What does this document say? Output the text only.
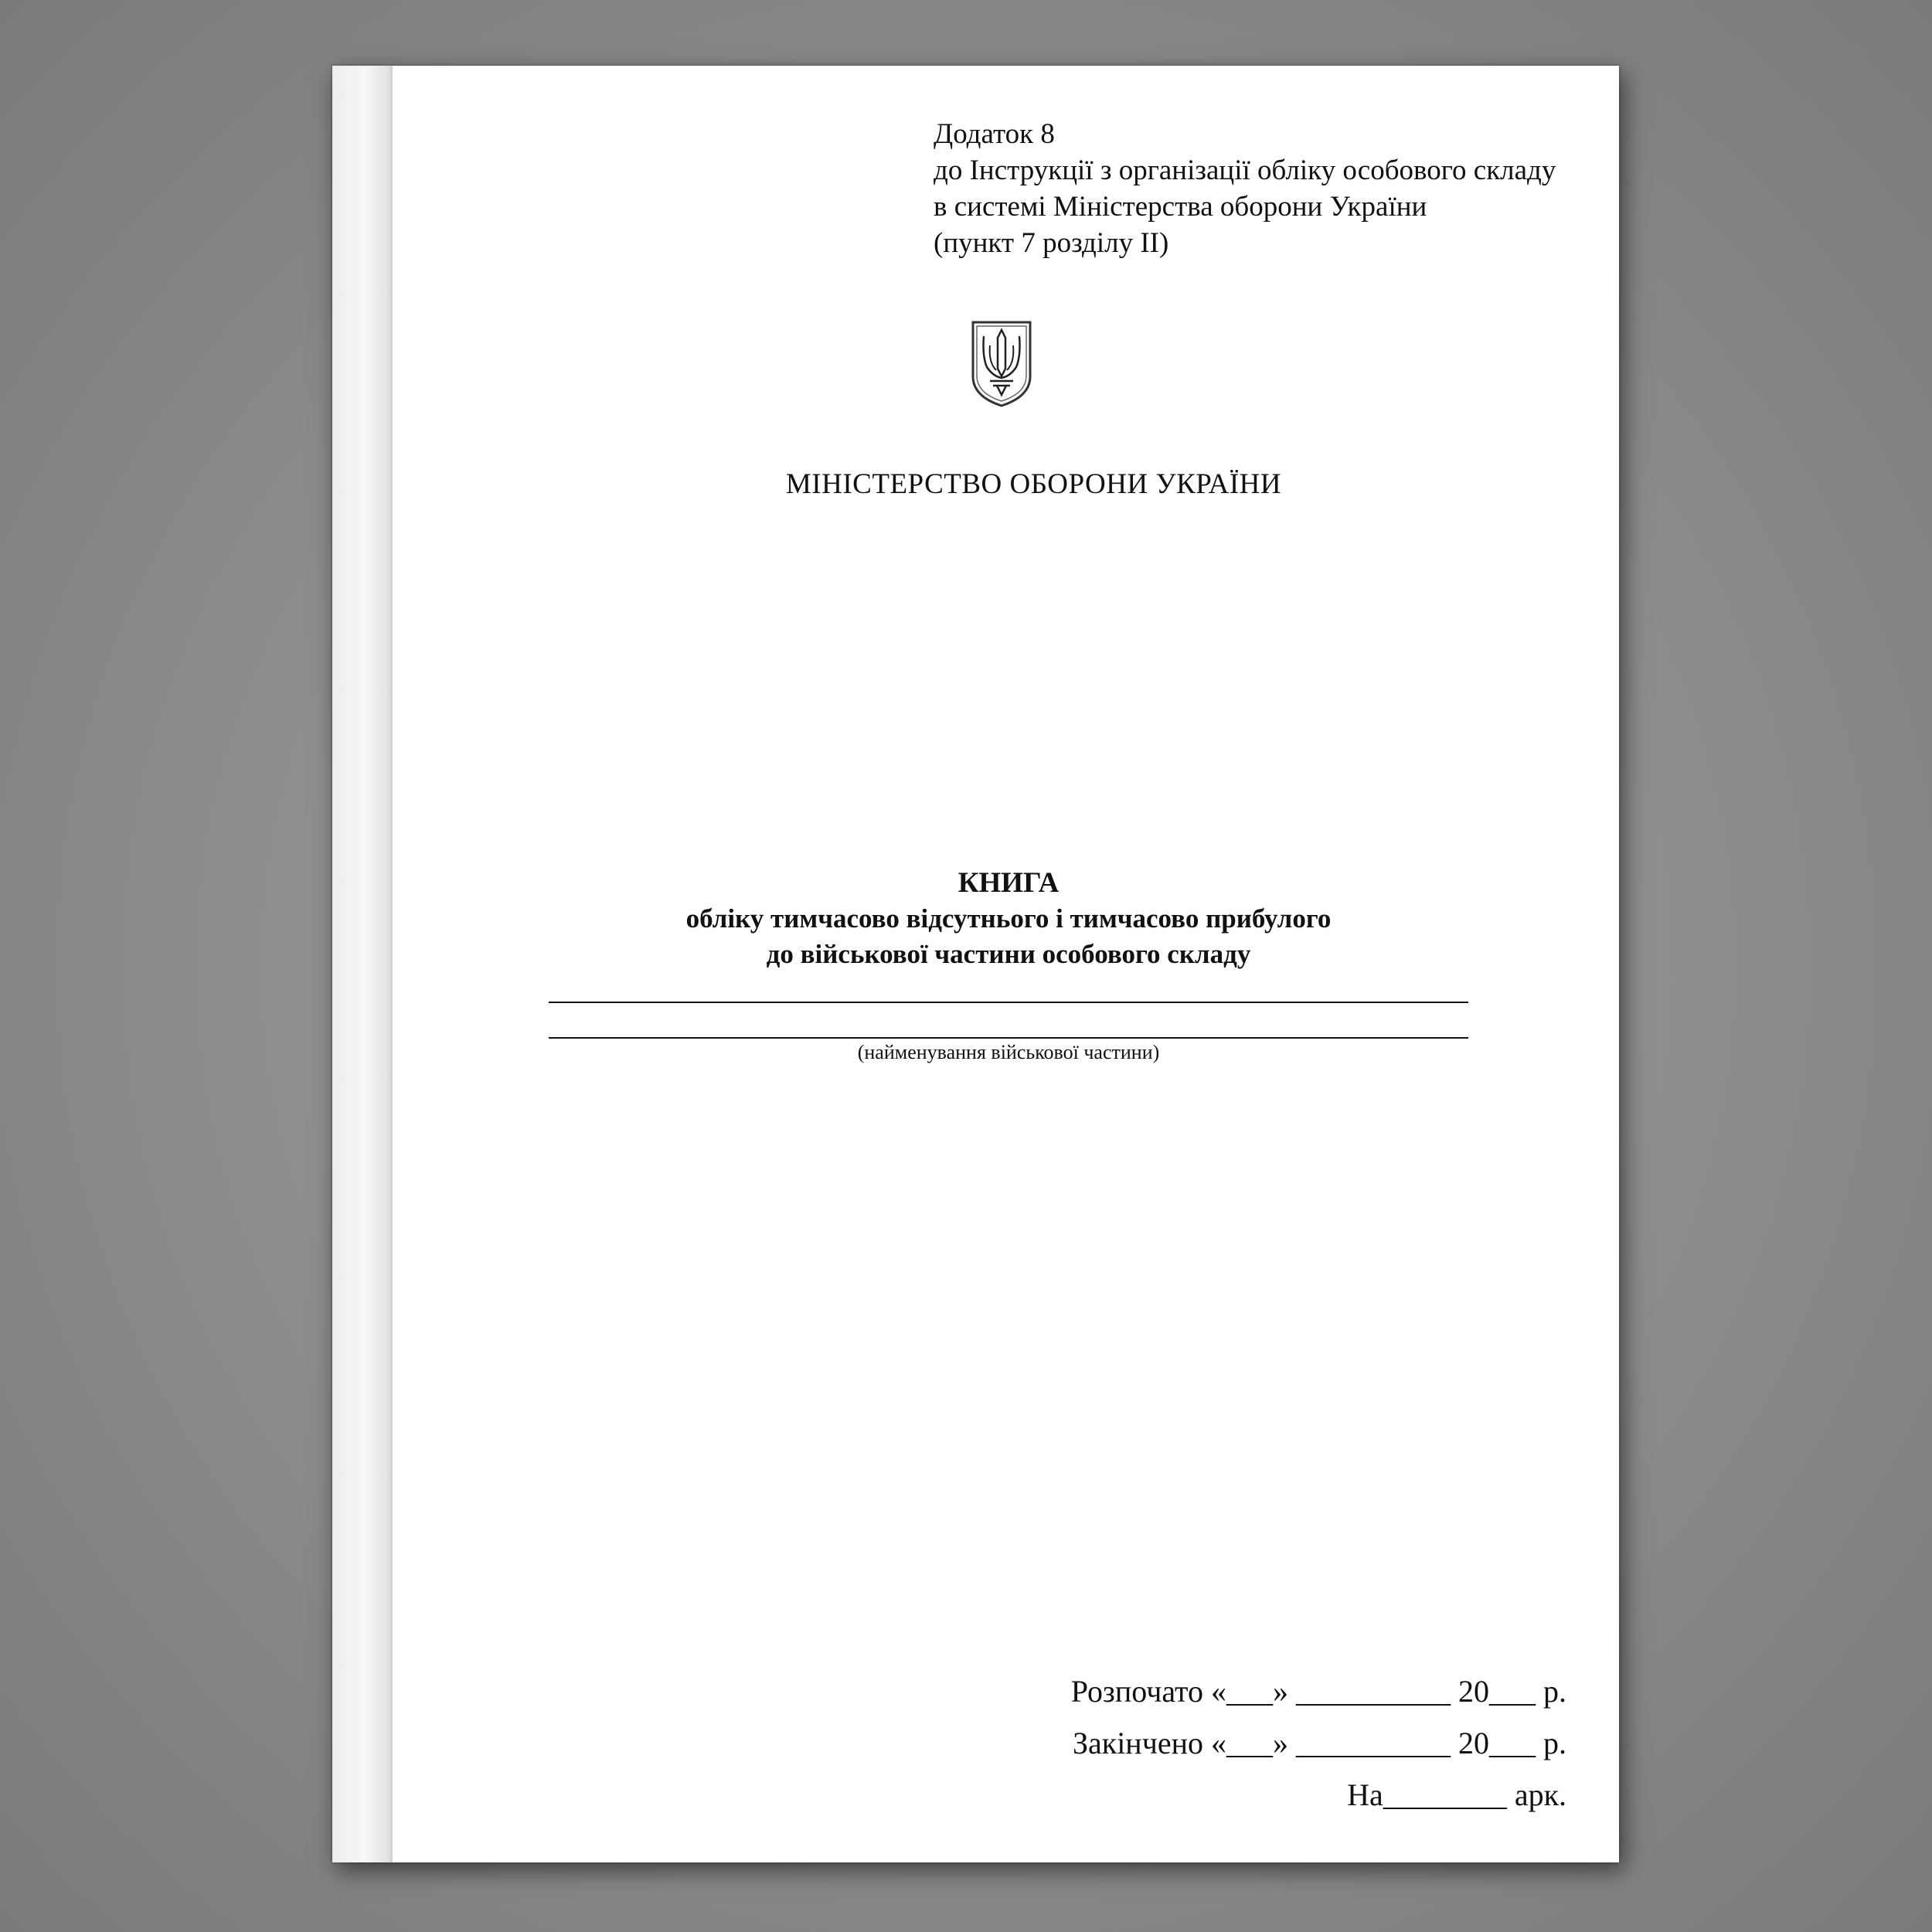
Додаток 8
до Інструкції з організації обліку особового складу
в системі Міністерства оборони України
(пункт 7 розділу ІІ)
МІНІСТЕРСТВО ОБОРОНИ УКРАЇНИ
КНИГА
обліку тимчасово відсутнього і тимчасово прибулого
до військової частини особового складу
(найменування військової частини)
Розпочато «___» __________ 20___ р.
Закінчено «___» __________ 20___ р.
На________ арк.
